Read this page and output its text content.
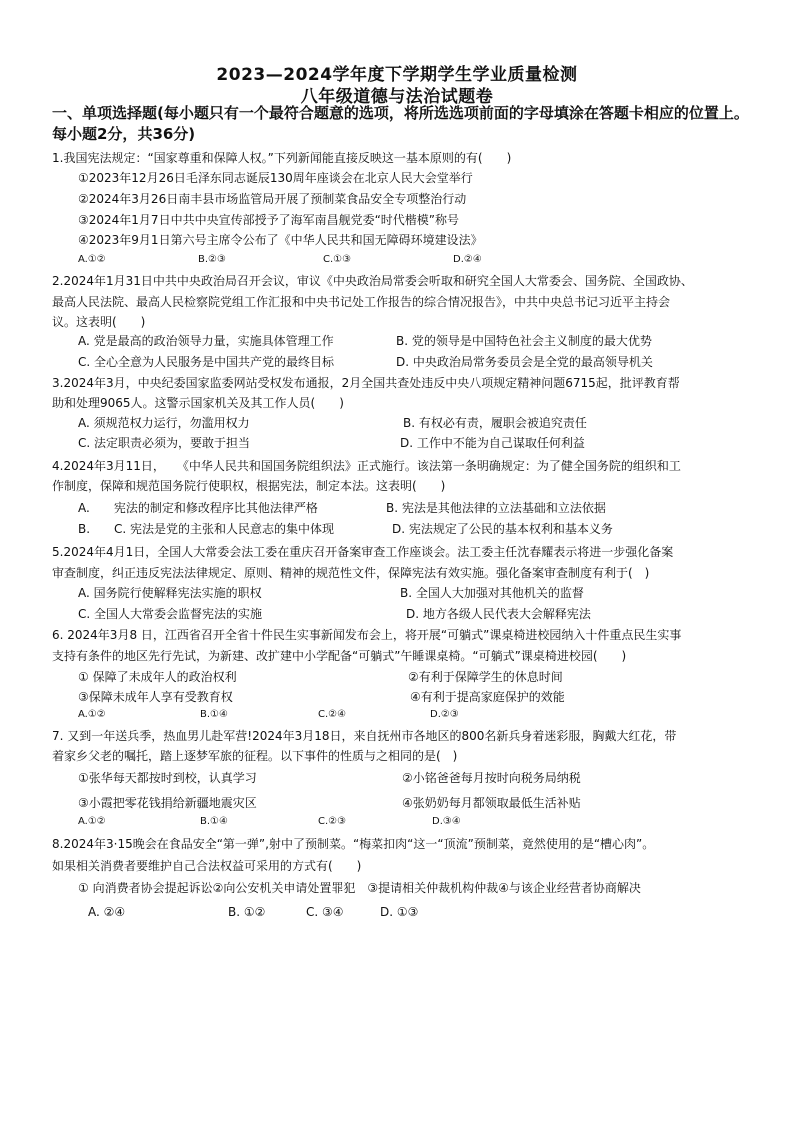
2023—2024学年度下学期学生学业质量检测
八年级道德与法治试题卷
一、单项选择题(每小题只有一个最符合题意的选项，将所选选项前面的字母填涂在答题卡相应的位置上。
每小题2分，共36分)
1.我国宪法规定：“国家尊重和保障人权。”下列新闻能直接反映这一基本原则的有(　　)
①2023年12月26日毛泽东同志诞辰130周年座谈会在北京人民大会堂举行
②2024年3月26日南丰县市场监管局开展了预制菜食品安全专项整治行动
③2024年1月7日中共中央宣传部授予了海军南昌舰党委“时代楷模”称号
④2023年9月1日第六号主席令公布了《中华人民共和国无障碍环境建设法》
A.①②	B.②③	C.①③	D.②④
2.2024年1月31日中共中央政治局召开会议，审议《中央政治局常委会听取和研究全国人大常委会、国务院、全国政协、
最高人民法院、最高人民检察院党组工作汇报和中央书记处工作报告的综合情况报告》，中共中央总书记习近平主持会
议。这表明(　　)
A. 党是最高的政治领导力量，实施具体管理工作	B. 党的领导是中国特色社会主义制度的最大优势
C. 全心全意为人民服务是中国共产党的最终目标	D. 中央政治局常务委员会是全党的最高领导机关
3.2024年3月，中央纪委国家监委网站受权发布通报，2月全国共查处违反中央八项规定精神问题6715起，批评教育帮
助和处理9065人。这警示国家机关及其工作人员(　　)
A. 须规范权力运行，勿滥用权力	B. 有权必有责，履职会被追究责任
C. 法定职责必须为，要敢于担当	D. 工作中不能为自己谋取任何利益
4.2024年3月11日，　　《中华人民共和国国务院组织法》正式施行。该法第一条明确规定：为了健全国务院的组织和工
作制度，保障和规范国务院行使职权，根据宪法，制定本法。这表明(　　)
A.　　宪法的制定和修改程序比其他法律严格	B. 宪法是其他法律的立法基础和立法依据
B.　　C. 宪法是党的主张和人民意志的集中体现	D. 宪法规定了公民的基本权利和基本义务
5.2024年4月1日，全国人大常委会法工委在重庆召开备案审查工作座谈会。法工委主任沈春耀表示将进一步强化备案
审查制度，纠正违反宪法法律规定、原则、精神的规范性文件，保障宪法有效实施。强化备案审查制度有利于(　)
A. 国务院行使解释宪法实施的职权	B. 全国人大加强对其他机关的监督
C. 全国人大常委会监督宪法的实施	D. 地方各级人民代表大会解释宪法
6. 2024年3月8 日，江西省召开全省十件民生实事新闻发布会上，将开展“可躺式”课桌椅进校园纳入十件重点民生实事
支持有条件的地区先行先试，为新建、改扩建中小学配备“可躺式”午睡课桌椅。“可躺式”课桌椅进校园(　　)
① 保障了未成年人的政治权利	②有利于保障学生的休息时间
③保障未成年人享有受教育权	④有利于提高家庭保护的效能
A.①②	B.①④	C.②④	D.②③
7. 又到一年送兵季，热血男儿赴军营!2024年3月18日，来自抚州市各地区的800名新兵身着迷彩服，胸戴大红花，带
着家乡父老的嘱托，踏上逐梦军旅的征程。以下事件的性质与之相同的是(　)
①张华每天都按时到校，认真学习	②小铭爸爸每月按时向税务局纳税
③小霞把零花钱捐给新疆地震灾区	④张奶奶每月都领取最低生活补贴
A.①②	B.①④	C.②③	D.③④
8.2024年3·15晚会在食品安全“第一弹”,射中了预制菜。“梅菜扣肉“这一“顶流”预制菜，竟然使用的是“槽心肉”。
如果相关消费者要维护自己合法权益可采用的方式有(　　)
① 向消费者协会提起诉讼②向公安机关申请处置罪犯　③提请相关仲裁机构仲裁④与该企业经营者协商解决
A. ②④	B. ①②	C. ③④	D. ①③
